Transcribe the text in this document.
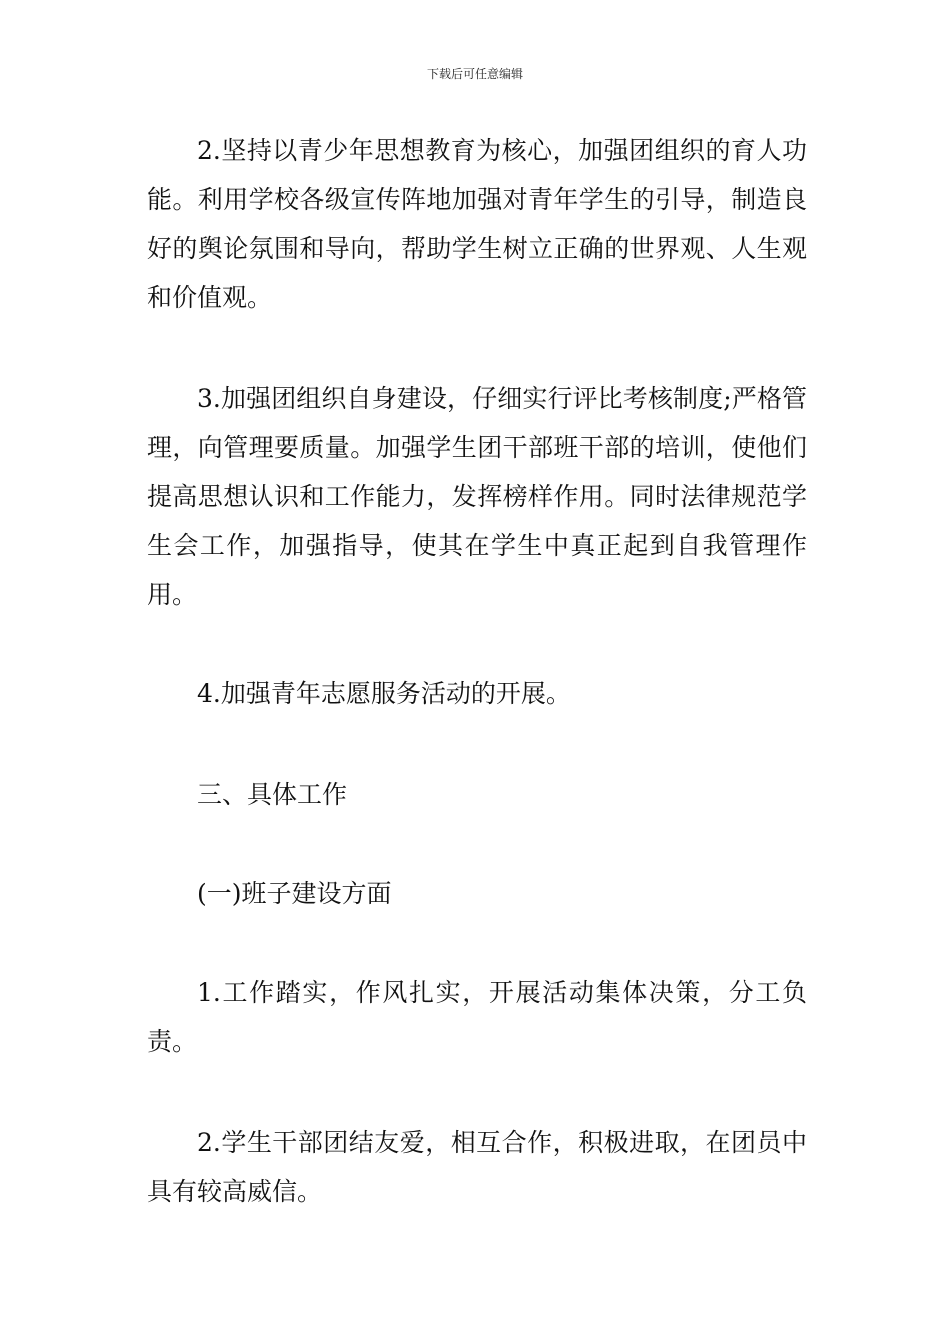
下载后可任意编辑

2.坚持以青少年思想教育为核心，加强团组织的育人功能。利用学校各级宣传阵地加强对青年学生的引导，制造良好的舆论氛围和导向，帮助学生树立正确的世界观、人生观和价值观。

3.加强团组织自身建设，仔细实行评比考核制度;严格管理，向管理要质量。加强学生团干部班干部的培训，使他们提高思想认识和工作能力，发挥榜样作用。同时法律规范学生会工作，加强指导，使其在学生中真正起到自我管理作用。

4.加强青年志愿服务活动的开展。

三、具体工作

(一)班子建设方面

1.工作踏实，作风扎实，开展活动集体决策，分工负责。

2.学生干部团结友爱，相互合作，积极进取，在团员中具有较高威信。
